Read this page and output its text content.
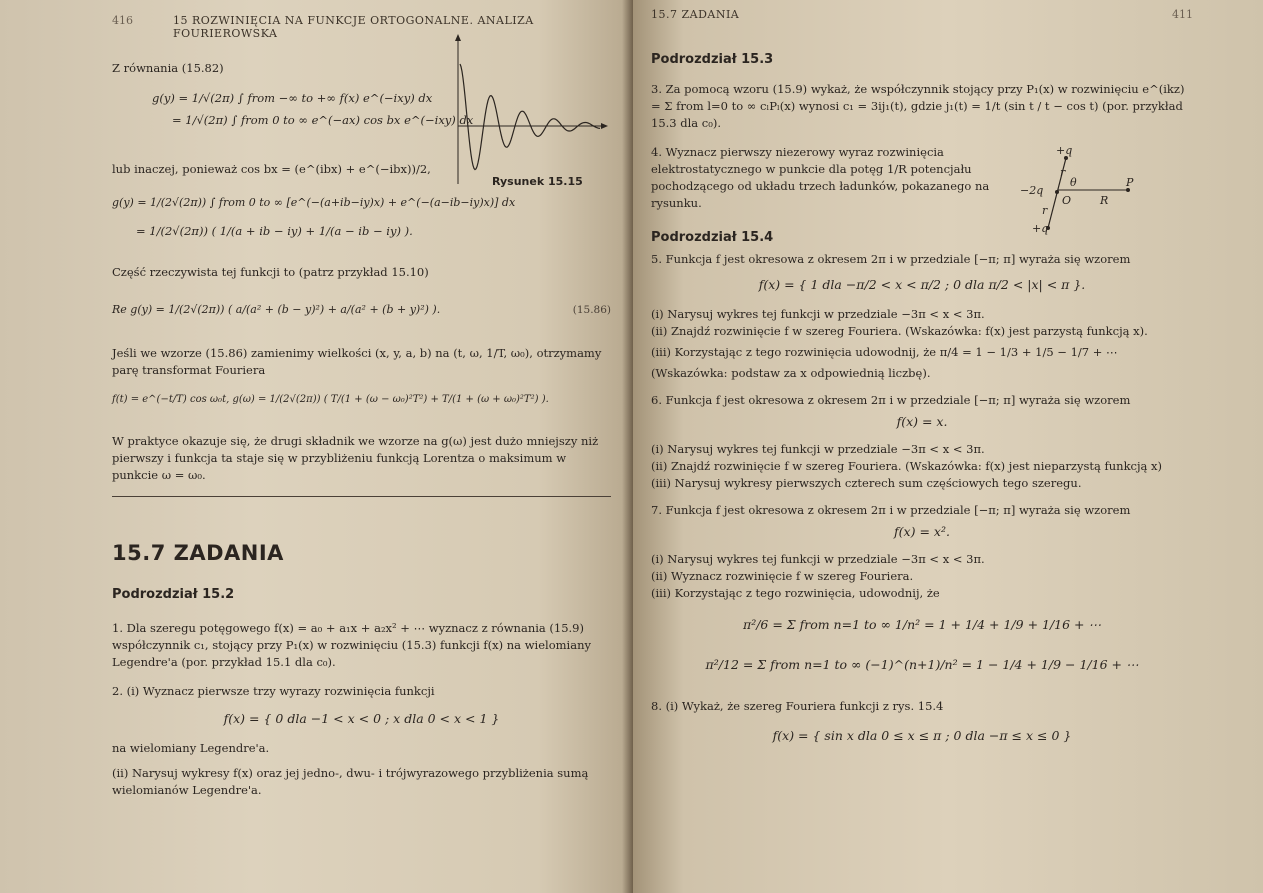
416	15 ROZWINIĘCIA NA FUNKCJE ORTOGONALNE. ANALIZA FOURIEROWSKA

Z równania (15.82)

g(y) = 1/√(2π) ∫ from −∞ to +∞ f(x) e^(−ixy) dx

= 1/√(2π) ∫ from 0 to ∞ e^(−ax) cos bx e^(−ixy) dx

lub inaczej, ponieważ cos bx = (e^(ibx) + e^(−ibx))/2,

g(y) = 1/(2√(2π)) ∫ from 0 to ∞ [e^(−(a+ib−iy)x) + e^(−(a−ib−iy)x)] dx

= 1/(2√(2π)) ( 1/(a + ib − iy) + 1/(a − ib − iy) ).

Część rzeczywista tej funkcji to (patrz przykład 15.10)

Re g(y) = 1/(2√(2π)) ( a/(a² + (b − y)²) + a/(a² + (b + y)²) ).	(15.86)

Jeśli we wzorze (15.86) zamienimy wielkości (x, y, a, b) na (t, ω, 1/T, ω₀), otrzymamy parę transformat Fouriera

f(t) = e^(−t/T) cos ω₀t, g(ω) = 1/(2√(2π)) ( T/(1 + (ω − ω₀)²T²) + T/(1 + (ω + ω₀)²T²) ).

W praktyce okazuje się, że drugi składnik we wzorze na g(ω) jest dużo mniejszy niż pierwszy i funkcja ta staje się w przybliżeniu funkcją Lorentza o maksimum w punkcie ω = ω₀.

15.7 ZADANIA

Podrozdział 15.2

1. Dla szeregu potęgowego f(x) = a₀ + a₁x + a₂x² + ⋯ wyznacz z równania (15.9) współczynnik c₁, stojący przy P₁(x) w rozwinięciu (15.3) funkcji f(x) na wielomiany Legendre'a (por. przykład 15.1 dla c₀).

2. (i) Wyznacz pierwsze trzy wyrazy rozwinięcia funkcji

f(x) = { 0 dla −1 < x < 0 ; x dla 0 < x < 1 }

na wielomiany Legendre'a.

(ii) Narysuj wykresy f(x) oraz jej jedno-, dwu- i trójwyrazowego przybliżenia sumą wielomianów Legendre'a.

Rysunek 15.15
15.7 ZADANIA	411

Podrozdział 15.3

3. Za pomocą wzoru (15.9) wykaż, że współczynnik stojący przy P₁(x) w rozwinięciu e^(ikz) = Σ from l=0 to ∞ cₗPₗ(x) wynosi c₁ = 3ij₁(t), gdzie j₁(t) = 1/t (sin t / t − cos t) (por. przykład 15.3 dla c₀).

4. Wyznacz pierwszy niezerowy wyraz rozwinięcia elektrostatycznego w punkcie dla potęg 1/R potencjału pochodzącego od układu trzech ładunków, pokazanego na rysunku.

Podrozdział 15.4

5. Funkcja f jest okresowa z okresem 2π i w przedziale [−π; π] wyraża się wzorem

f(x) = { 1 dla −π/2 < x < π/2 ; 0 dla π/2 < |x| < π }.

(i) Narysuj wykres tej funkcji w przedziale −3π < x < 3π.

(ii) Znajdź rozwinięcie f w szereg Fouriera. (Wskazówka: f(x) jest parzystą funkcją x).

(iii) Korzystając z tego rozwinięcia udowodnij, że π/4 = 1 − 1/3 + 1/5 − 1/7 + ⋯

(Wskazówka: podstaw za x odpowiednią liczbę).

6. Funkcja f jest okresowa z okresem 2π i w przedziale [−π; π] wyraża się wzorem

f(x) = x.

(i) Narysuj wykres tej funkcji w przedziale −3π < x < 3π.

(ii) Znajdź rozwinięcie f w szereg Fouriera. (Wskazówka: f(x) jest nieparzystą funkcją x)

(iii) Narysuj wykresy pierwszych czterech sum częściowych tego szeregu.

7. Funkcja f jest okresowa z okresem 2π i w przedziale [−π; π] wyraża się wzorem

f(x) = x².

(i) Narysuj wykres tej funkcji w przedziale −3π < x < 3π.

(ii) Wyznacz rozwinięcie f w szereg Fouriera.

(iii) Korzystając z tego rozwinięcia, udowodnij, że

π²/6 = Σ from n=1 to ∞ 1/n² = 1 + 1/4 + 1/9 + 1/16 + ⋯

π²/12 = Σ from n=1 to ∞ (−1)^(n+1)/n² = 1 − 1/4 + 1/9 − 1/16 + ⋯

8. (i) Wykaż, że szereg Fouriera funkcji z rys. 15.4

f(x) = { sin x dla 0 ≤ x ≤ π ; 0 dla −π ≤ x ≤ 0 }

+q
r
−2q
θ
O	R
P
r
+q
